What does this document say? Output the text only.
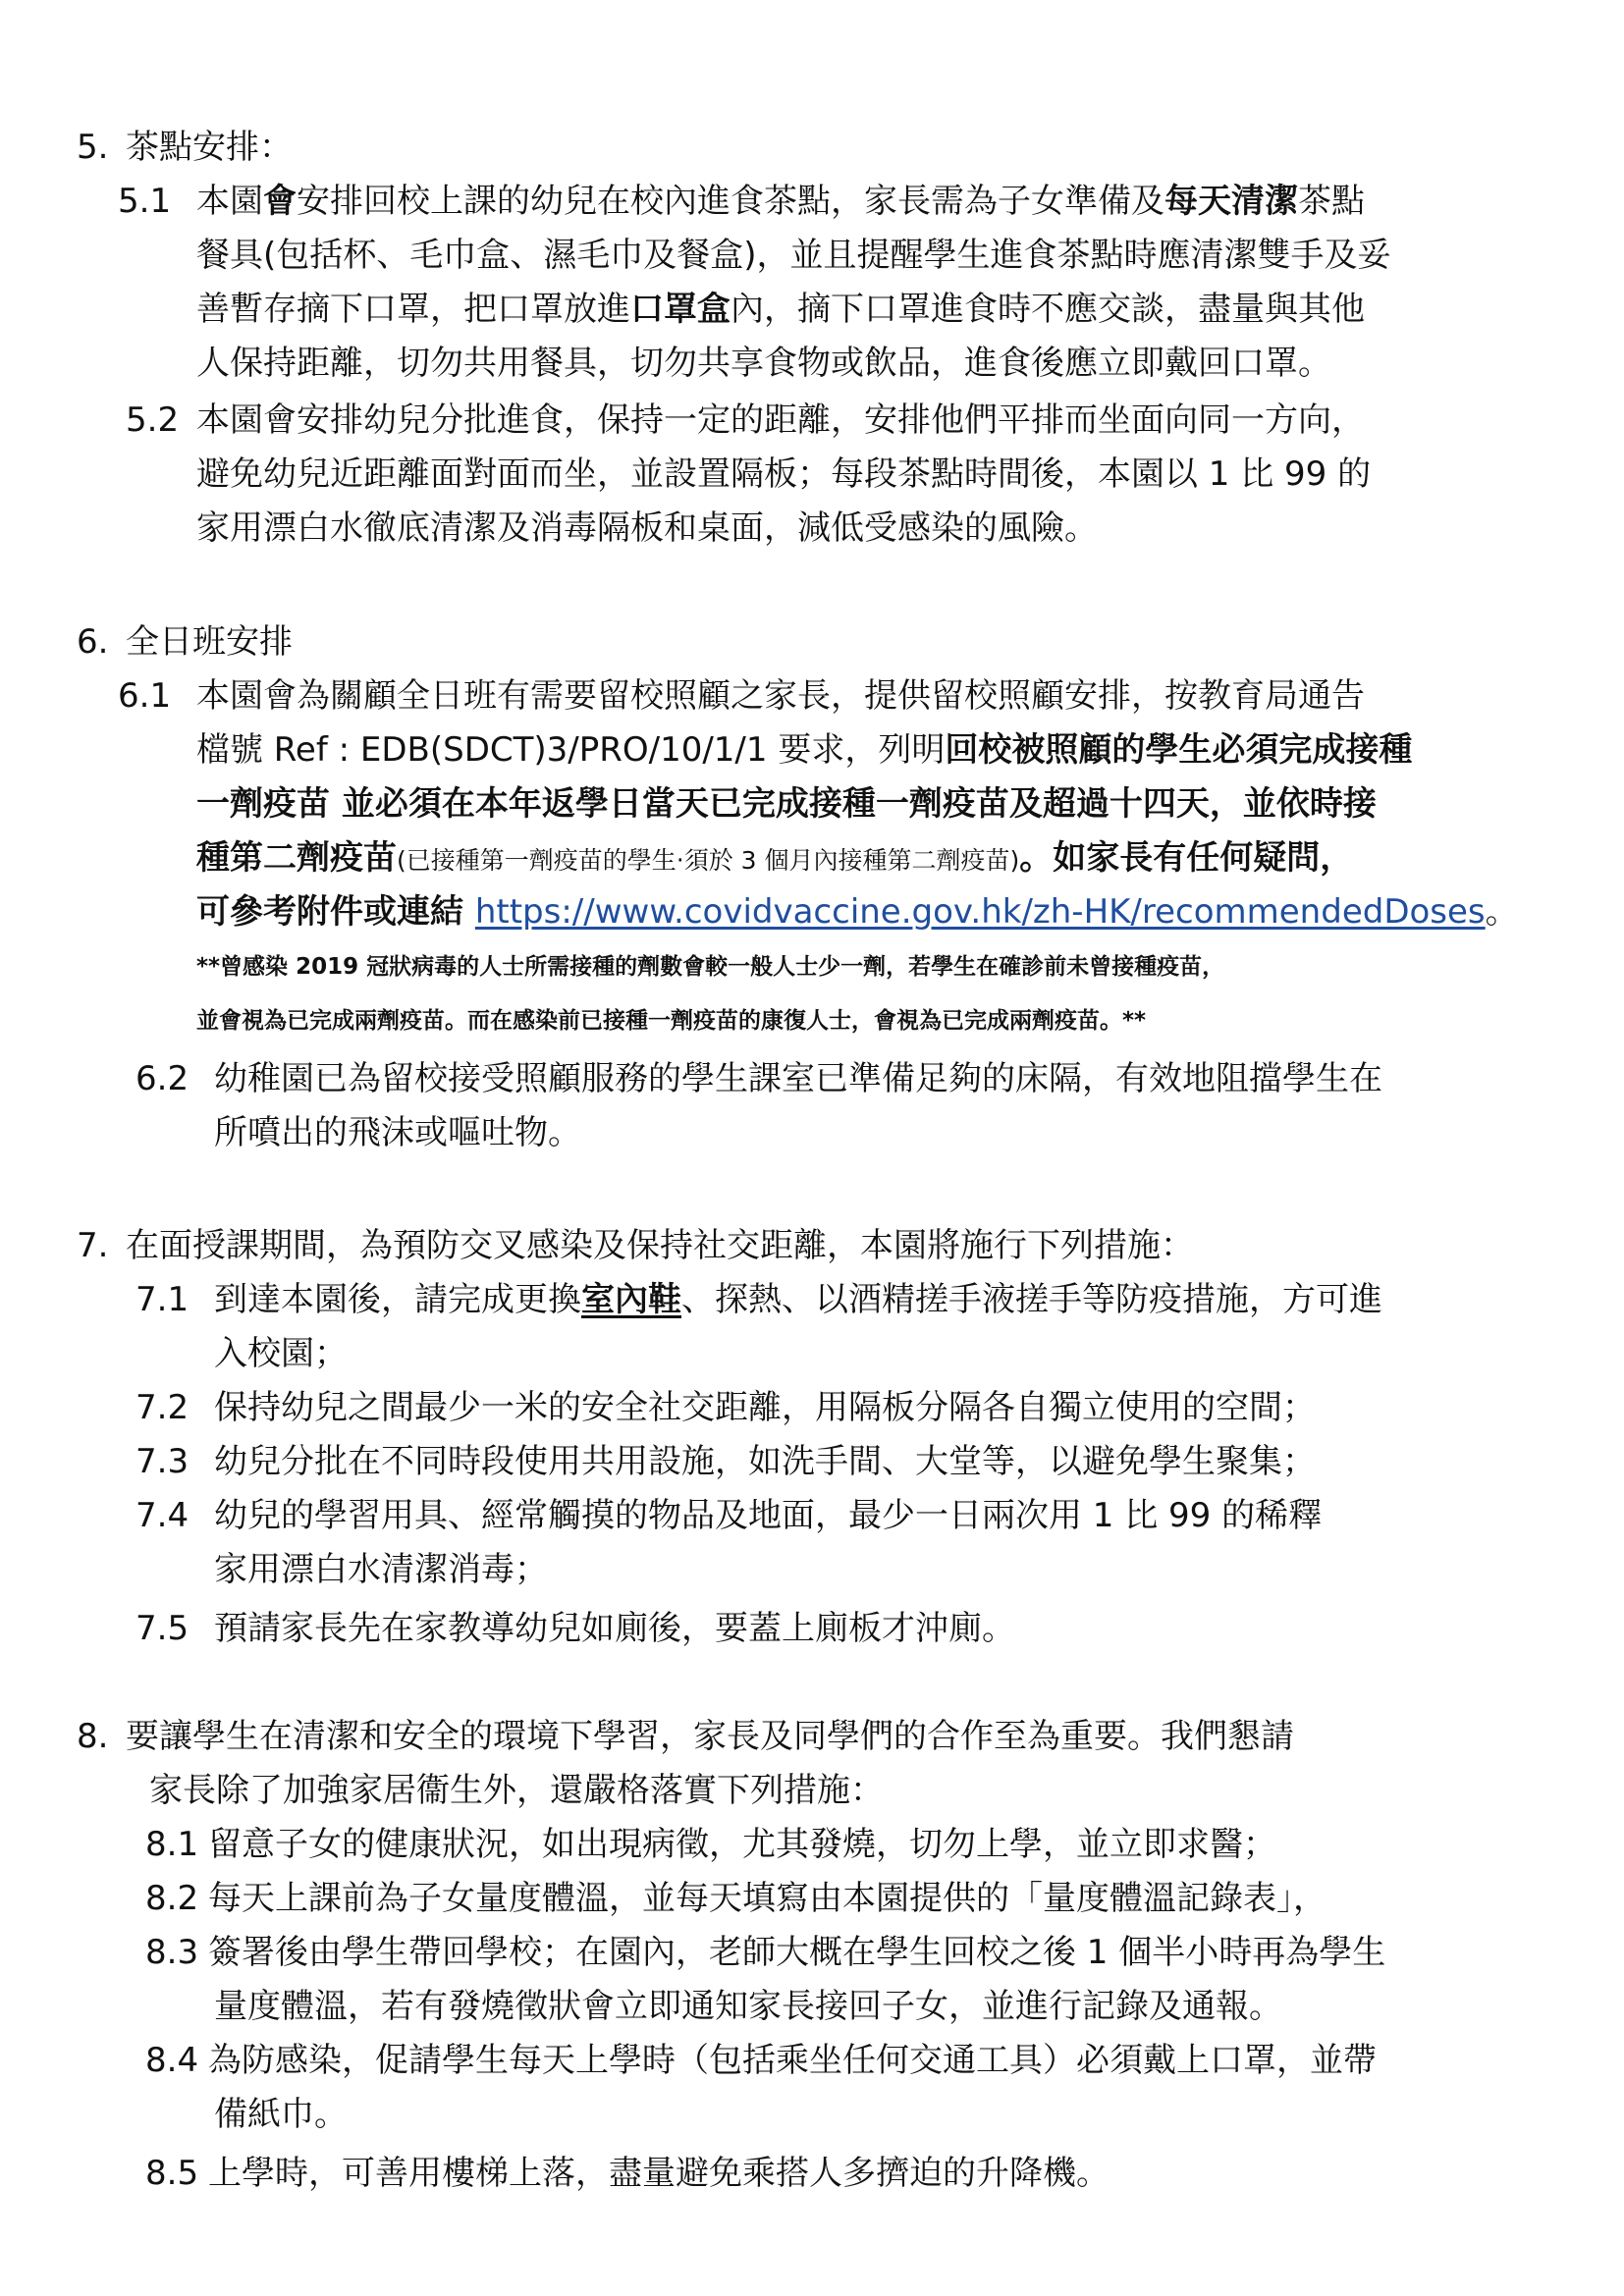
5. 茶點安排：
5.1 本園會安排回校上課的幼兒在校內進食茶點，家長需為子女準備及每天清潔茶點
餐具(包括杯、毛巾盒、濕毛巾及餐盒)，並且提醒學生進食茶點時應清潔雙手及妥
善暫存摘下口罩，把口罩放進口罩盒內，摘下口罩進食時不應交談，盡量與其他
人保持距離，切勿共用餐具，切勿共享食物或飲品，進食後應立即戴回口罩。
5.2 本園會安排幼兒分批進食，保持一定的距離，安排他們平排而坐面向同一方向，
避免幼兒近距離面對面而坐，並設置隔板；每段茶點時間後，本園以 1 比 99 的
家用漂白水徹底清潔及消毒隔板和桌面，減低受感染的風險。
6. 全日班安排
6.1 本園會為關顧全日班有需要留校照顧之家長，提供留校照顧安排，按教育局通告
檔號 Ref : EDB(SDCT)3/PRO/10/1/1 要求，列明回校被照顧的學生必須完成接種
一劑疫苗 並必須在本年返學日當天已完成接種一劑疫苗及超過十四天，並依時接
種第二劑疫苗(已接種第一劑疫苗的學生‧須於 3 個月內接種第二劑疫苗)。如家長有任何疑問，
可參考附件或連結 https://www.covidvaccine.gov.hk/zh-HK/recommendedDoses。
**曾感染 2019 冠狀病毒的人士所需接種的劑數會較一般人士少一劑，若學生在確診前未曾接種疫苗，
並會視為已完成兩劑疫苗。而在感染前已接種一劑疫苗的康復人士，會視為已完成兩劑疫苗。**
6.2 幼稚園已為留校接受照顧服務的學生課室已準備足夠的床隔，有效地阻擋學生在
所噴出的飛沫或嘔吐物。
7. 在面授課期間，為預防交叉感染及保持社交距離，本園將施行下列措施：
7.1 到達本園後，請完成更換室內鞋、探熱、以酒精搓手液搓手等防疫措施，方可進
入校園；
7.2 保持幼兒之間最少一米的安全社交距離，用隔板分隔各自獨立使用的空間；
7.3 幼兒分批在不同時段使用共用設施，如洗手間、大堂等，以避免學生聚集；
7.4 幼兒的學習用具、經常觸摸的物品及地面，最少一日兩次用 1 比 99 的稀釋
家用漂白水清潔消毒；
7.5 預請家長先在家教導幼兒如廁後，要蓋上廁板才沖廁。
8. 要讓學生在清潔和安全的環境下學習，家長及同學們的合作至為重要。我們懇請
家長除了加強家居衞生外，還嚴格落實下列措施：
8.1 留意子女的健康狀況，如出現病徵，尤其發燒，切勿上學，並立即求醫；
8.2 每天上課前為子女量度體溫，並每天填寫由本園提供的「量度體溫記錄表」，
8.3 簽署後由學生帶回學校；在園內，老師大概在學生回校之後 1 個半小時再為學生
量度體溫，若有發燒徵狀會立即通知家長接回子女，並進行記錄及通報。
8.4 為防感染，促請學生每天上學時（包括乘坐任何交通工具）必須戴上口罩，並帶
備紙巾。
8.5 上學時，可善用樓梯上落，盡量避免乘搭人多擠迫的升降機。
